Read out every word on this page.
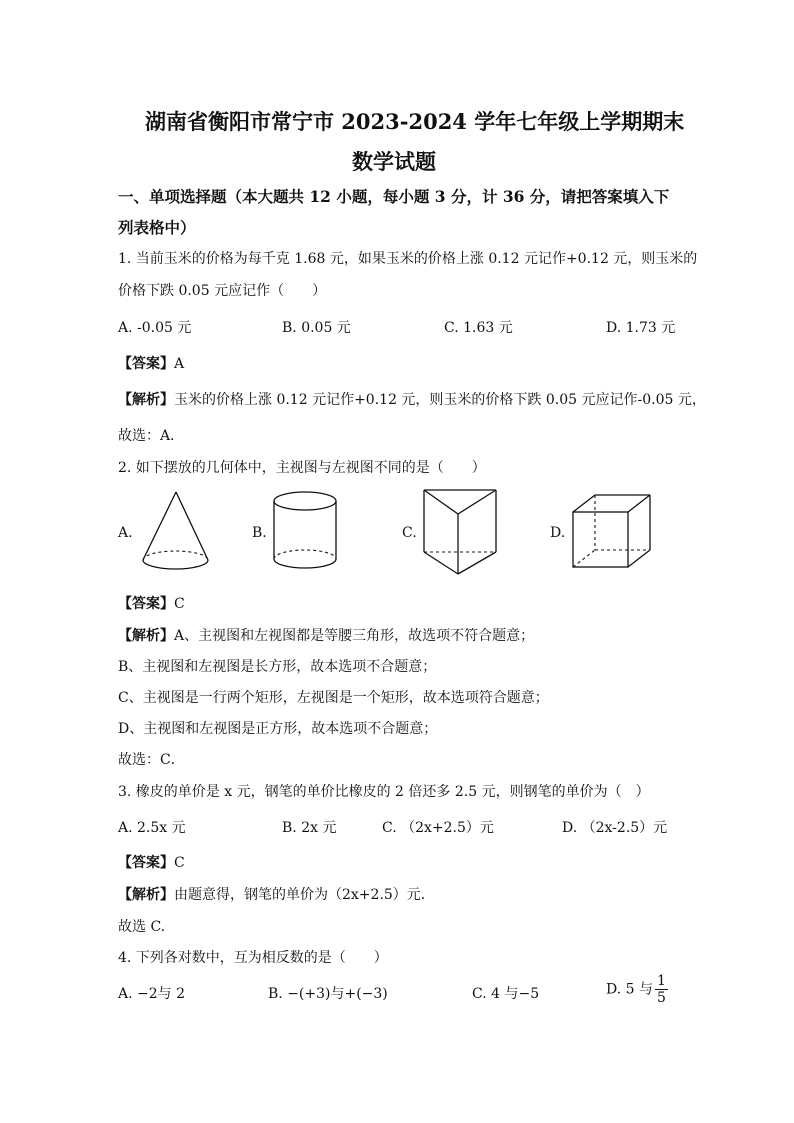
湖南省衡阳市常宁市 2023-2024 学年七年级上学期期末
数学试题
一、单项选择题（本大题共 12 小题，每小题 3 分，计 36 分，请把答案填入下
列表格中）
1. 当前玉米的价格为每千克 1.68 元，如果玉米的价格上涨 0.12 元记作+0.12 元，则玉米的
价格下跌 0.05 元应记作（　　）
A. -0.05 元	B. 0.05 元	C. 1.63 元	D. 1.73 元
【答案】A
【解析】玉米的价格上涨 0.12 元记作+0.12 元，则玉米的价格下跌 0.05 元应记作-0.05 元，
故选：A．
2. 如下摆放的几何体中，主视图与左视图不同的是（　　）
A.	B.	C.	D.
【答案】C
【解析】A、主视图和左视图都是等腰三角形，故选项不符合题意；
B、主视图和左视图是长方形，故本选项不合题意；
C、主视图是一行两个矩形，左视图是一个矩形，故本选项符合题意；
D、主视图和左视图是正方形，故本选项不合题意；
故选：C．
3. 橡皮的单价是 x 元，钢笔的单价比橡皮的 2 倍还多 2.5 元，则钢笔的单价为（　）
A. 2.5x 元	B. 2x 元	C. （2x+2.5）元	D. （2x-2.5）元
【答案】C
【解析】由题意得，钢笔的单价为（2x+2.5）元．
故选 C.
4. 下列各对数中，互为相反数的是（　　）
A. −2与 2	B. −(+3)与+(−3)	C. 4 与−5	D. 5 与 $\frac{1}{5}$
